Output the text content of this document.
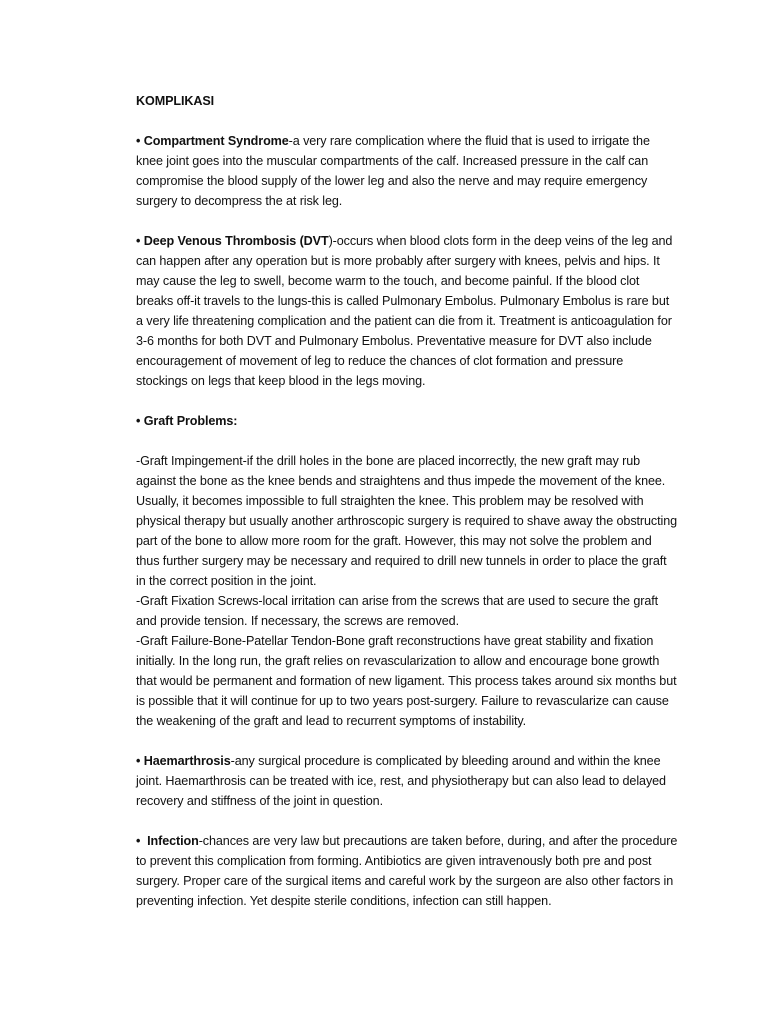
KOMPLIKASI

• Compartment Syndrome-a very rare complication where the fluid that is used to irrigate the knee joint goes into the muscular compartments of the calf. Increased pressure in the calf can compromise the blood supply of the lower leg and also the nerve and may require emergency surgery to decompress the at risk leg.

• Deep Venous Thrombosis (DVT)-occurs when blood clots form in the deep veins of the leg and can happen after any operation but is more probably after surgery with knees, pelvis and hips. It may cause the leg to swell, become warm to the touch, and become painful. If the blood clot breaks off-it travels to the lungs-this is called Pulmonary Embolus. Pulmonary Embolus is rare but a very life threatening complication and the patient can die from it. Treatment is anticoagulation for 3-6 months for both DVT and Pulmonary Embolus. Preventative measure for DVT also include encouragement of movement of leg to reduce the chances of clot formation and pressure stockings on legs that keep blood in the legs moving.

• Graft Problems:

-Graft Impingement-if the drill holes in the bone are placed incorrectly, the new graft may rub against the bone as the knee bends and straightens and thus impede the movement of the knee. Usually, it becomes impossible to full straighten the knee. This problem may be resolved with physical therapy but usually another arthroscopic surgery is required to shave away the obstructing part of the bone to allow more room for the graft. However, this may not solve the problem and thus further surgery may be necessary and required to drill new tunnels in order to place the graft in the correct position in the joint.

-Graft Fixation Screws-local irritation can arise from the screws that are used to secure the graft and provide tension. If necessary, the screws are removed.

-Graft Failure-Bone-Patellar Tendon-Bone graft reconstructions have great stability and fixation initially. In the long run, the graft relies on revascularization to allow and encourage bone growth that would be permanent and formation of new ligament. This process takes around six months but is possible that it will continue for up to two years post-surgery. Failure to revascularize can cause the weakening of the graft and lead to recurrent symptoms of instability.

• Haemarthrosis-any surgical procedure is complicated by bleeding around and within the knee joint. Haemarthrosis can be treated with ice, rest, and physiotherapy but can also lead to delayed recovery and stiffness of the joint in question.

• Infection-chances are very law but precautions are taken before, during, and after the procedure to prevent this complication from forming. Antibiotics are given intravenously both pre and post surgery. Proper care of the surgical items and careful work by the surgeon are also other factors in preventing infection. Yet despite sterile conditions, infection can still happen.
